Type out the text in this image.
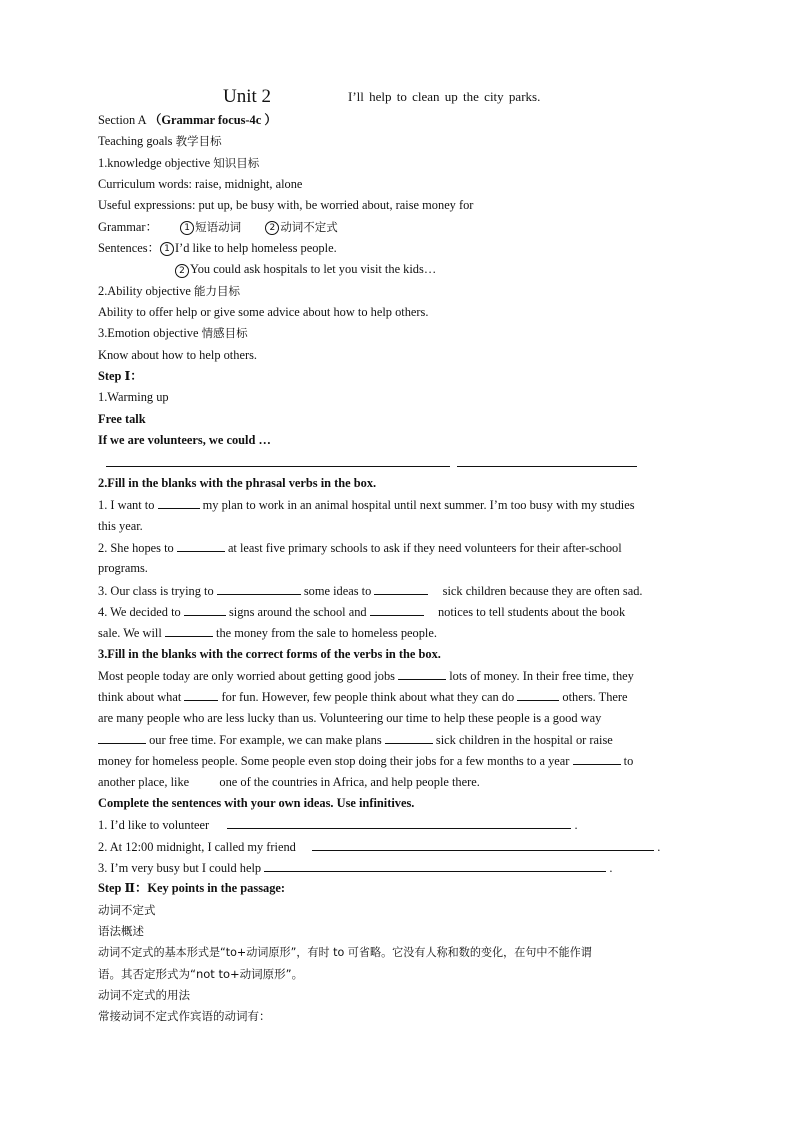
Unit 2	I’ll help to clean up the city parks.
Section A （Grammar focus-4c ）
Teaching goals 教学目标
1.knowledge objective 知识目标
Curriculum words: raise, midnight, alone
Useful expressions: put up, be busy with, be worried about, raise money for
Grammar：	1 短语动词	2 动词不定式
Sentences： 1 I’d like to help homeless people.
2 You could ask hospitals to let you visit the kids…
2.Ability objective 能力目标
Ability to offer help or give some advice about how to help others.
3.Emotion objective 情感目标
Know about how to help others.
Step Ⅰ：
1.Warming up
Free talk
If we are volunteers, we could …

2.Fill in the blanks with the phrasal verbs in the box.
1. I want to	my plan to work in an animal hospital until next summer. I’m too busy with my studies
this year.
2. She hopes to	at least five primary schools to ask if they need volunteers for their after-school
programs.
3. Our class is trying to	some ideas to	sick children because they are often sad.
4. We decided to	signs around the school and	notices to tell students about the book
sale. We will	the money from the sale to homeless people.
3.Fill in the blanks with the correct forms of the verbs in the box.
Most people today are only worried about getting good jobs	lots of money. In their free time, they
think about what	for fun. However, few people think about what they can do	others. There
are many people who are less lucky than us. Volunteering our time to help these people is a good way
our free time. For example, we can make plans	sick children in the hospital or raise
money for homeless people. Some people even stop doing their jobs for a few months to a year	to
another place, like one of the countries in Africa, and help people there.
Complete the sentences with your own ideas. Use infinitives.
1. I’d like to volunteer	.
2. At 12:00 midnight, I called my friend	.
3. I’m very busy but I could help	.
Step Ⅱ：Key points in the passage:
动词不定式
语法概述
动词不定式的基本形式是“to+动词原形”，有时 to 可省略。它没有人称和数的变化，在句中不能作谓
语。其否定形式为“not to+动词原形”。
动词不定式的用法
常接动词不定式作宾语的动词有：
